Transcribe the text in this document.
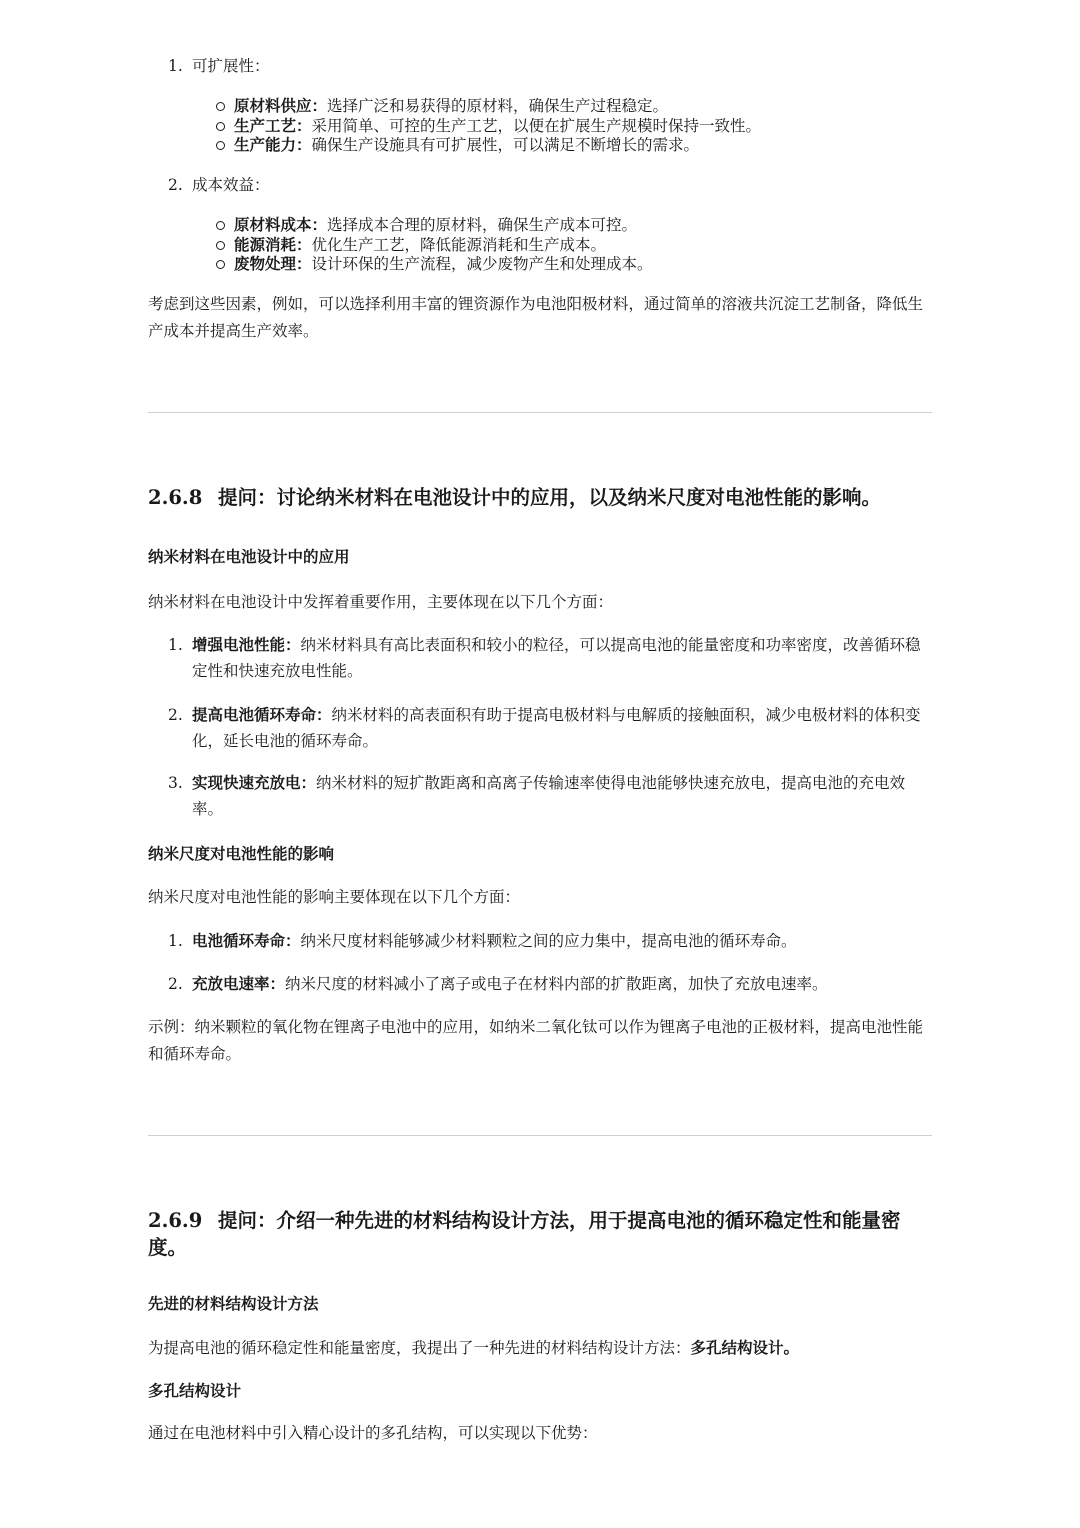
1. 可扩展性：
原材料供应：选择广泛和易获得的原材料，确保生产过程稳定。
生产工艺：采用简单、可控的生产工艺，以便在扩展生产规模时保持一致性。
生产能力：确保生产设施具有可扩展性，可以满足不断增长的需求。
2. 成本效益：
原材料成本：选择成本合理的原材料，确保生产成本可控。
能源消耗：优化生产工艺，降低能源消耗和生产成本。
废物处理：设计环保的生产流程，减少废物产生和处理成本。
考虑到这些因素，例如，可以选择利用丰富的锂资源作为电池阳极材料，通过简单的溶液共沉淀工艺制备，降低生产成本并提高生产效率。
2.6.8 提问：讨论纳米材料在电池设计中的应用，以及纳米尺度对电池性能的影响。
纳米材料在电池设计中的应用
纳米材料在电池设计中发挥着重要作用，主要体现在以下几个方面：
1. 增强电池性能：纳米材料具有高比表面积和较小的粒径，可以提高电池的能量密度和功率密度，改善循环稳定性和快速充放电性能。
2. 提高电池循环寿命：纳米材料的高表面积有助于提高电极材料与电解质的接触面积，减少电极材料的体积变化，延长电池的循环寿命。
3. 实现快速充放电：纳米材料的短扩散距离和高离子传输速率使得电池能够快速充放电，提高电池的充电效率。
纳米尺度对电池性能的影响
纳米尺度对电池性能的影响主要体现在以下几个方面：
1. 电池循环寿命：纳米尺度材料能够减少材料颗粒之间的应力集中，提高电池的循环寿命。
2. 充放电速率：纳米尺度的材料减小了离子或电子在材料内部的扩散距离，加快了充放电速率。
示例：纳米颗粒的氧化物在锂离子电池中的应用，如纳米二氧化钛可以作为锂离子电池的正极材料，提高电池性能和循环寿命。
2.6.9 提问：介绍一种先进的材料结构设计方法，用于提高电池的循环稳定性和能量密度。
先进的材料结构设计方法
为提高电池的循环稳定性和能量密度，我提出了一种先进的材料结构设计方法：多孔结构设计。
多孔结构设计
通过在电池材料中引入精心设计的多孔结构，可以实现以下优势：
